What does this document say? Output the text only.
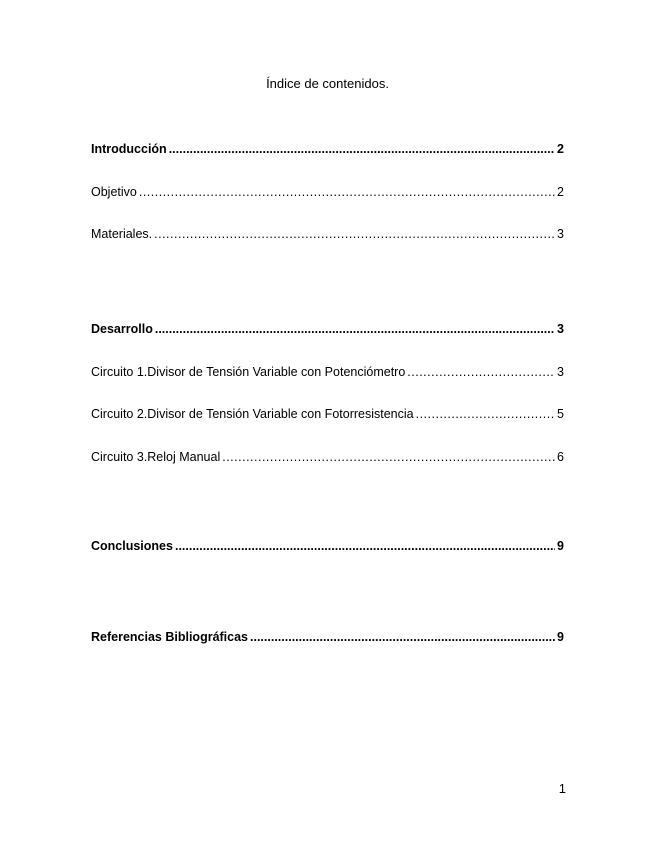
Índice de contenidos.
Introducción .....	2
Objetivo .....	2
Materiales. .....	3
Desarrollo .....	3
Circuito 1.Divisor de Tensión Variable con Potenciómetro .....	3
Circuito 2.Divisor de Tensión Variable con Fotorresistencia .....	5
Circuito 3.Reloj Manual .....	6
Conclusiones .....	9
Referencias Bibliográficas .....	9
1
